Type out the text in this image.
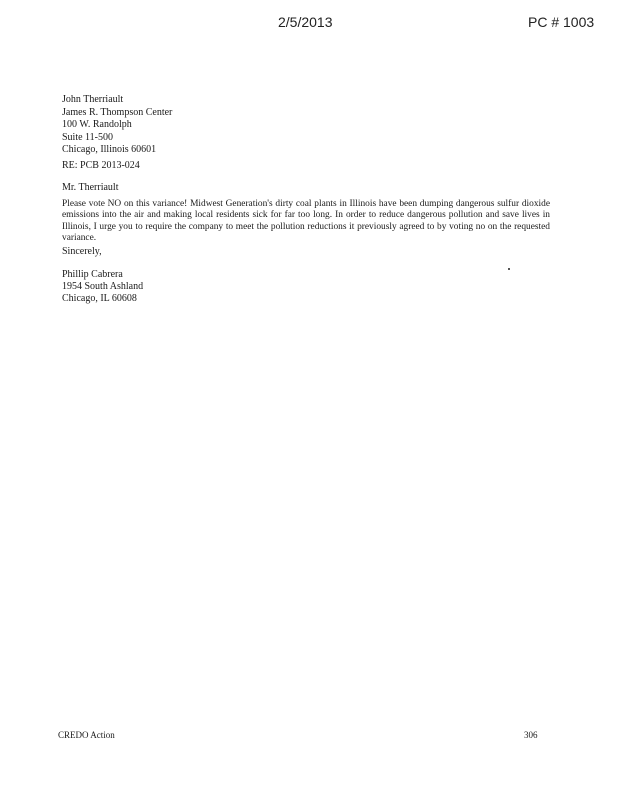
2/5/2013	PC # 1003
John Therriault
James R. Thompson Center
100 W. Randolph
Suite 11-500
Chicago, Illinois 60601
RE: PCB 2013-024
Mr. Therriault
Please vote NO on this variance! Midwest Generation's dirty coal plants in Illinois have been dumping dangerous sulfur dioxide emissions into the air and making local residents sick for far too long. In order to reduce dangerous pollution and save lives in Illinois, I urge you to require the company to meet the pollution reductions it previously agreed to by voting no on the requested variance.
Sincerely,
Phillip Cabrera
1954 South Ashland
Chicago, IL 60608
CREDO Action	306
